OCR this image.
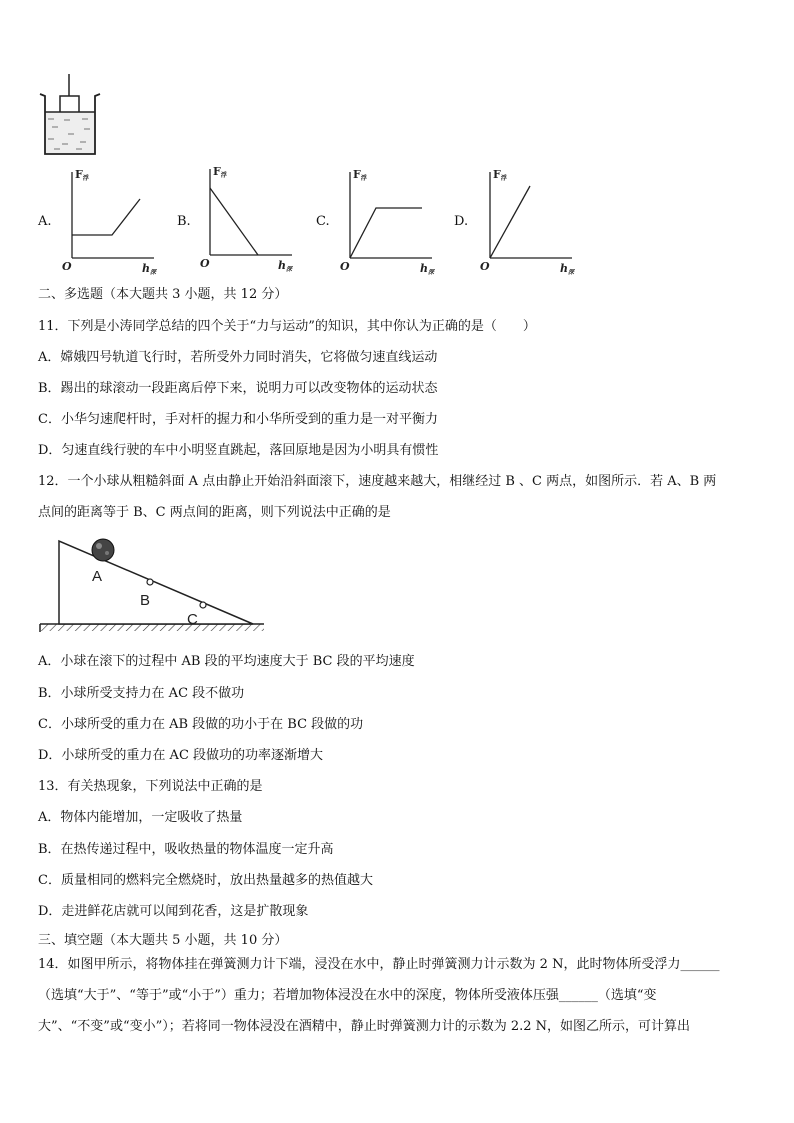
A.
F浮
O	h深
B.
F浮
O	h深
C.
F浮
O	h深
D.
F浮
O	h深
二、多选题（本大题共 3 小题，共 12 分）
11．下列是小涛同学总结的四个关于“力与运动”的知识，其中你认为正确的是（　　）
A．嫦娥四号轨道飞行时，若所受外力同时消失，它将做匀速直线运动
B．踢出的球滚动一段距离后停下来，说明力可以改变物体的运动状态
C．小华匀速爬杆时，手对杆的握力和小华所受到的重力是一对平衡力
D．匀速直线行驶的车中小明竖直跳起，落回原地是因为小明具有惯性
12．一个小球从粗糙斜面 A 点由静止开始沿斜面滚下，速度越来越大，相继经过 B 、C 两点，如图所示．若 A、B 两
点间的距离等于 B、C 两点间的距离，则下列说法中正确的是
A
B
C
A．小球在滚下的过程中 AB 段的平均速度大于 BC 段的平均速度
B．小球所受支持力在 AC 段不做功
C．小球所受的重力在 AB 段做的功小于在 BC 段做的功
D．小球所受的重力在 AC 段做功的功率逐渐增大
13．有关热现象，下列说法中正确的是
A．物体内能增加，一定吸收了热量
B．在热传递过程中，吸收热量的物体温度一定升高
C．质量相同的燃料完全燃烧时，放出热量越多的热值越大
D．走进鲜花店就可以闻到花香，这是扩散现象
三、填空题（本大题共 5 小题，共 10 分）
14．如图甲所示，将物体挂在弹簧测力计下端，浸没在水中，静止时弹簧测力计示数为 2 N，此时物体所受浮力______
（选填“大于”、“等于”或“小于”）重力；若增加物体浸没在水中的深度，物体所受液体压强______（选填“变
大”、“不变”或“变小”）；若将同一物体浸没在酒精中，静止时弹簧测力计的示数为 2.2 N，如图乙所示，可计算出
